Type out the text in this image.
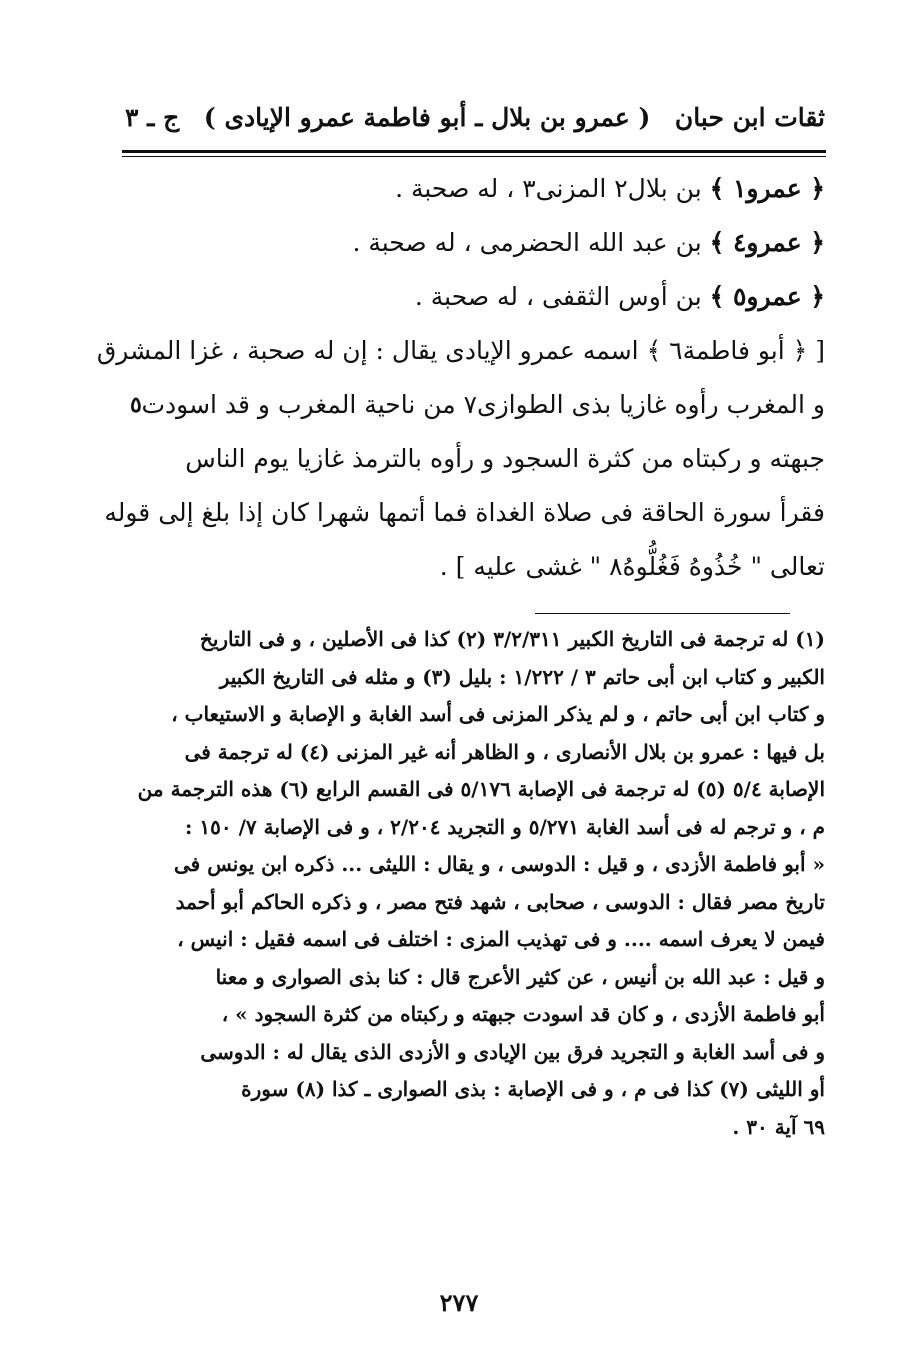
ثقات ابن حبان
( عمرو بن بلال ـ أبو فاطمة عمرو الإيادى )
ج ـ ٣
﴿ عمرو١ ﴾ بن بلال٢ المزنى٣ ، له صحبة .
﴿ عمرو٤ ﴾ بن عبد الله الحضرمى ، له صحبة .
﴿ عمرو٥ ﴾ بن أوس الثقفى ، له صحبة .
[ ﴿ أبو فاطمة٦ ﴾ اسمه عمرو الإيادى يقال : إن له صحبة ، غزا المشرق
و المغرب رأوه غازيا بذى الطوازى٧ من ناحية المغرب و قد اسودت
٥
جبهته و ركبتاه من كثرة السجود و رأوه بالترمذ غازيا يوم الناس
فقرأ سورة الحاقة فى صلاة الغداة فما أتمها شهرا كان إذا بلغ إلى قوله
تعالى " خُذُوهُ فَغُلُّوهُ٨ " غشى عليه ] .
(١) له ترجمة فى التاريخ الكبير ٣/٢/٣١١ (٢) كذا فى الأصلين ، و فى التاريخ
الكبير و كتاب ابن أبى حاتم ٣ / ١/٢٢٢ : بليل (٣) و مثله فى التاريخ الكبير
و كتاب ابن أبى حاتم ، و لم يذكر المزنى فى أسد الغابة و الإصابة و الاستيعاب ،
بل فيها : عمرو بن بلال الأنصارى ، و الظاهر أنه غير المزنى (٤) له ترجمة فى
الإصابة ٥/٤ (٥) له ترجمة فى الإصابة ٥/١٧٦ فى القسم الرابع (٦) هذه الترجمة من
م ، و ترجم له فى أسد الغابة ٥/٢٧١ و التجريد ٢/٢٠٤ ، و فى الإصابة ٧/ ١٥٠ :
« أبو فاطمة الأزدى ، و قيل : الدوسى ، و يقال : الليثى ... ذكره ابن يونس فى
تاريخ مصر فقال : الدوسى ، صحابى ، شهد فتح مصر ، و ذكره الحاكم أبو أحمد
فيمن لا يعرف اسمه .... و فى تهذيب المزى : اختلف فى اسمه فقيل : انيس ،
و قيل : عبد الله بن أنيس ، عن كثير الأعرج قال : كنا بذى الصوارى و معنا
أبو فاطمة الأزدى ، و كان قد اسودت جبهته و ركبتاه من كثرة السجود » ،
و فى أسد الغابة و التجريد فرق بين الإيادى و الأزدى الذى يقال له : الدوسى
أو الليثى (٧) كذا فى م ، و فى الإصابة : بذى الصوارى ـ كذا (٨) سورة
٦٩ آية ٣٠ .
٢٧٧
